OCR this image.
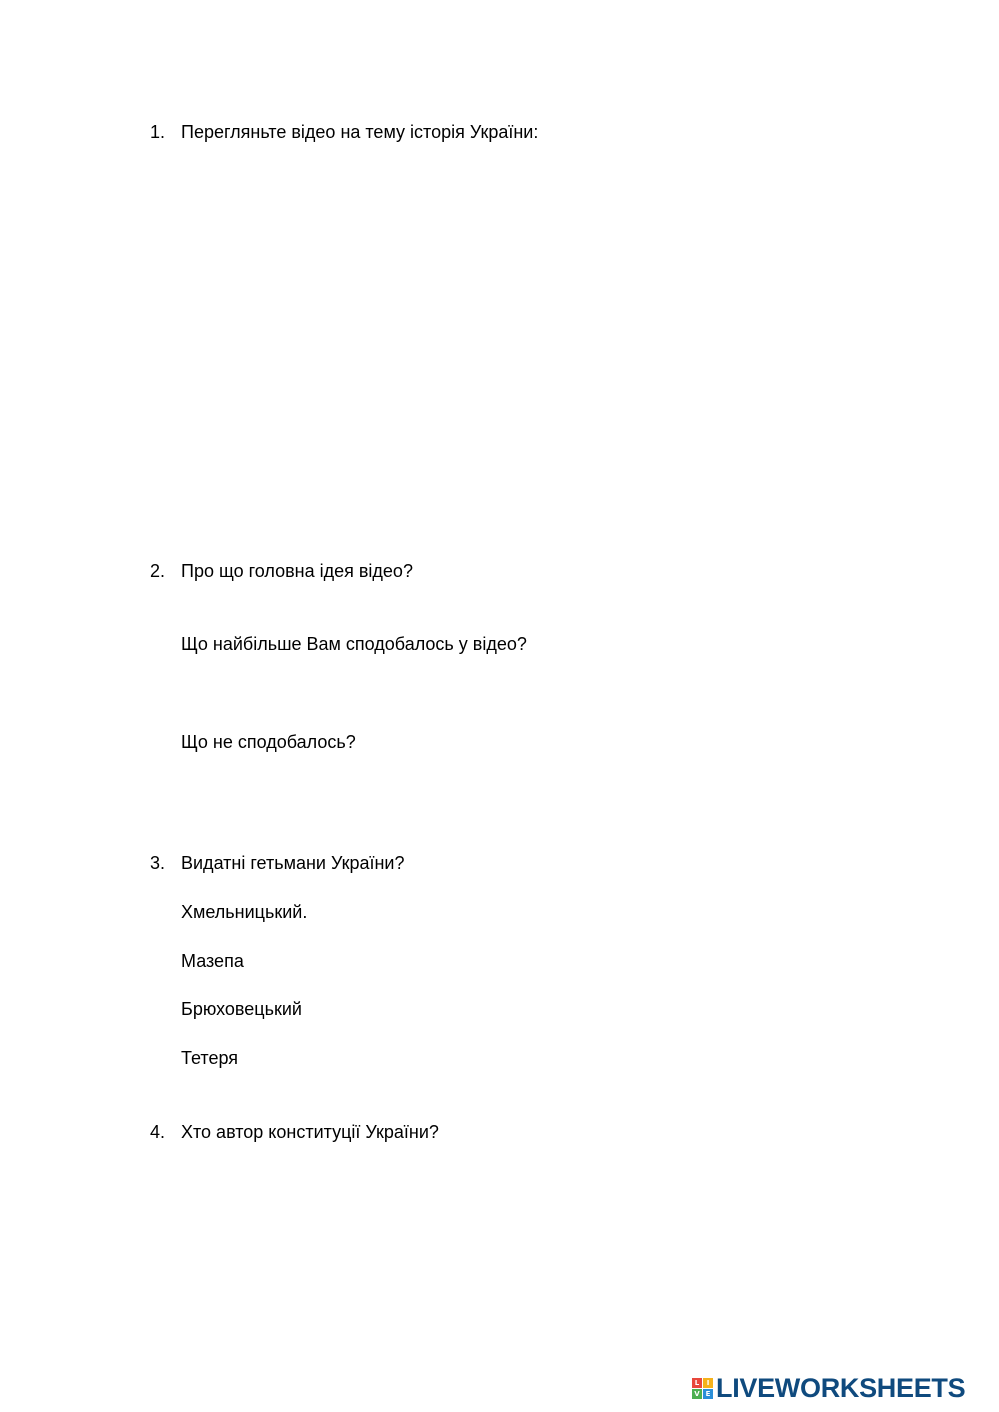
1. Перегляньте відео на тему історія України:
2. Про що головна ідея відео?
Що найбільше Вам сподобалось у відео?
Що не сподобалось?
3. Видатні гетьмани України?
Хмельницький.
Мазепа
Брюховецький
Тетеря
4. Хто автор конституції України?
L	I
V E LIVEWORKSHEETS
